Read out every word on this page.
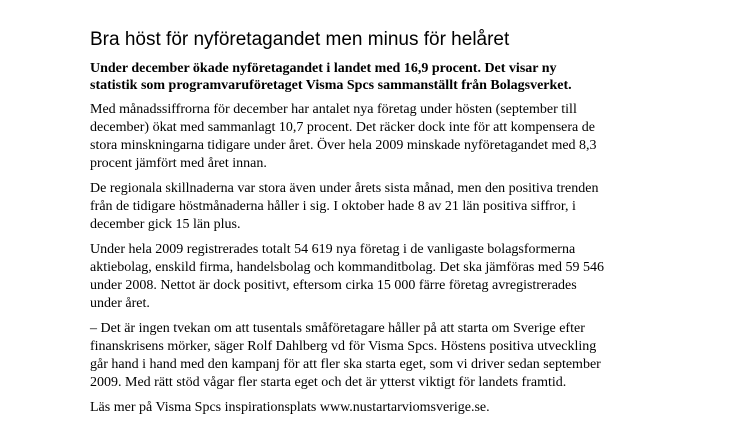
Bra höst för nyföretagandet men minus för helåret

Under december ökade nyföretagandet i landet med 16,9 procent. Det visar ny
statistik som programvaruföretaget Visma Spcs sammanställt från Bolagsverket.

Med månadssiffrorna för december har antalet nya företag under hösten (september till
december) ökat med sammanlagt 10,7 procent. Det räcker dock inte för att kompensera de
stora minskningarna tidigare under året. Över hela 2009 minskade nyföretagandet med 8,3
procent jämfört med året innan.

De regionala skillnaderna var stora även under årets sista månad, men den positiva trenden
från de tidigare höstmånaderna håller i sig. I oktober hade 8 av 21 län positiva siffror, i
december gick 15 län plus.

Under hela 2009 registrerades totalt 54 619 nya företag i de vanligaste bolagsformerna
aktiebolag, enskild firma, handelsbolag och kommanditbolag. Det ska jämföras med 59 546
under 2008. Nettot är dock positivt, eftersom cirka 15 000 färre företag avregistrerades
under året.

– Det är ingen tvekan om att tusentals småföretagare håller på att starta om Sverige efter
finanskrisens mörker, säger Rolf Dahlberg vd för Visma Spcs. Höstens positiva utveckling
går hand i hand med den kampanj för att fler ska starta eget, som vi driver sedan september
2009. Med rätt stöd vågar fler starta eget och det är ytterst viktigt för landets framtid.

Läs mer på Visma Spcs inspirationsplats www.nustartarviomsverige.se.
